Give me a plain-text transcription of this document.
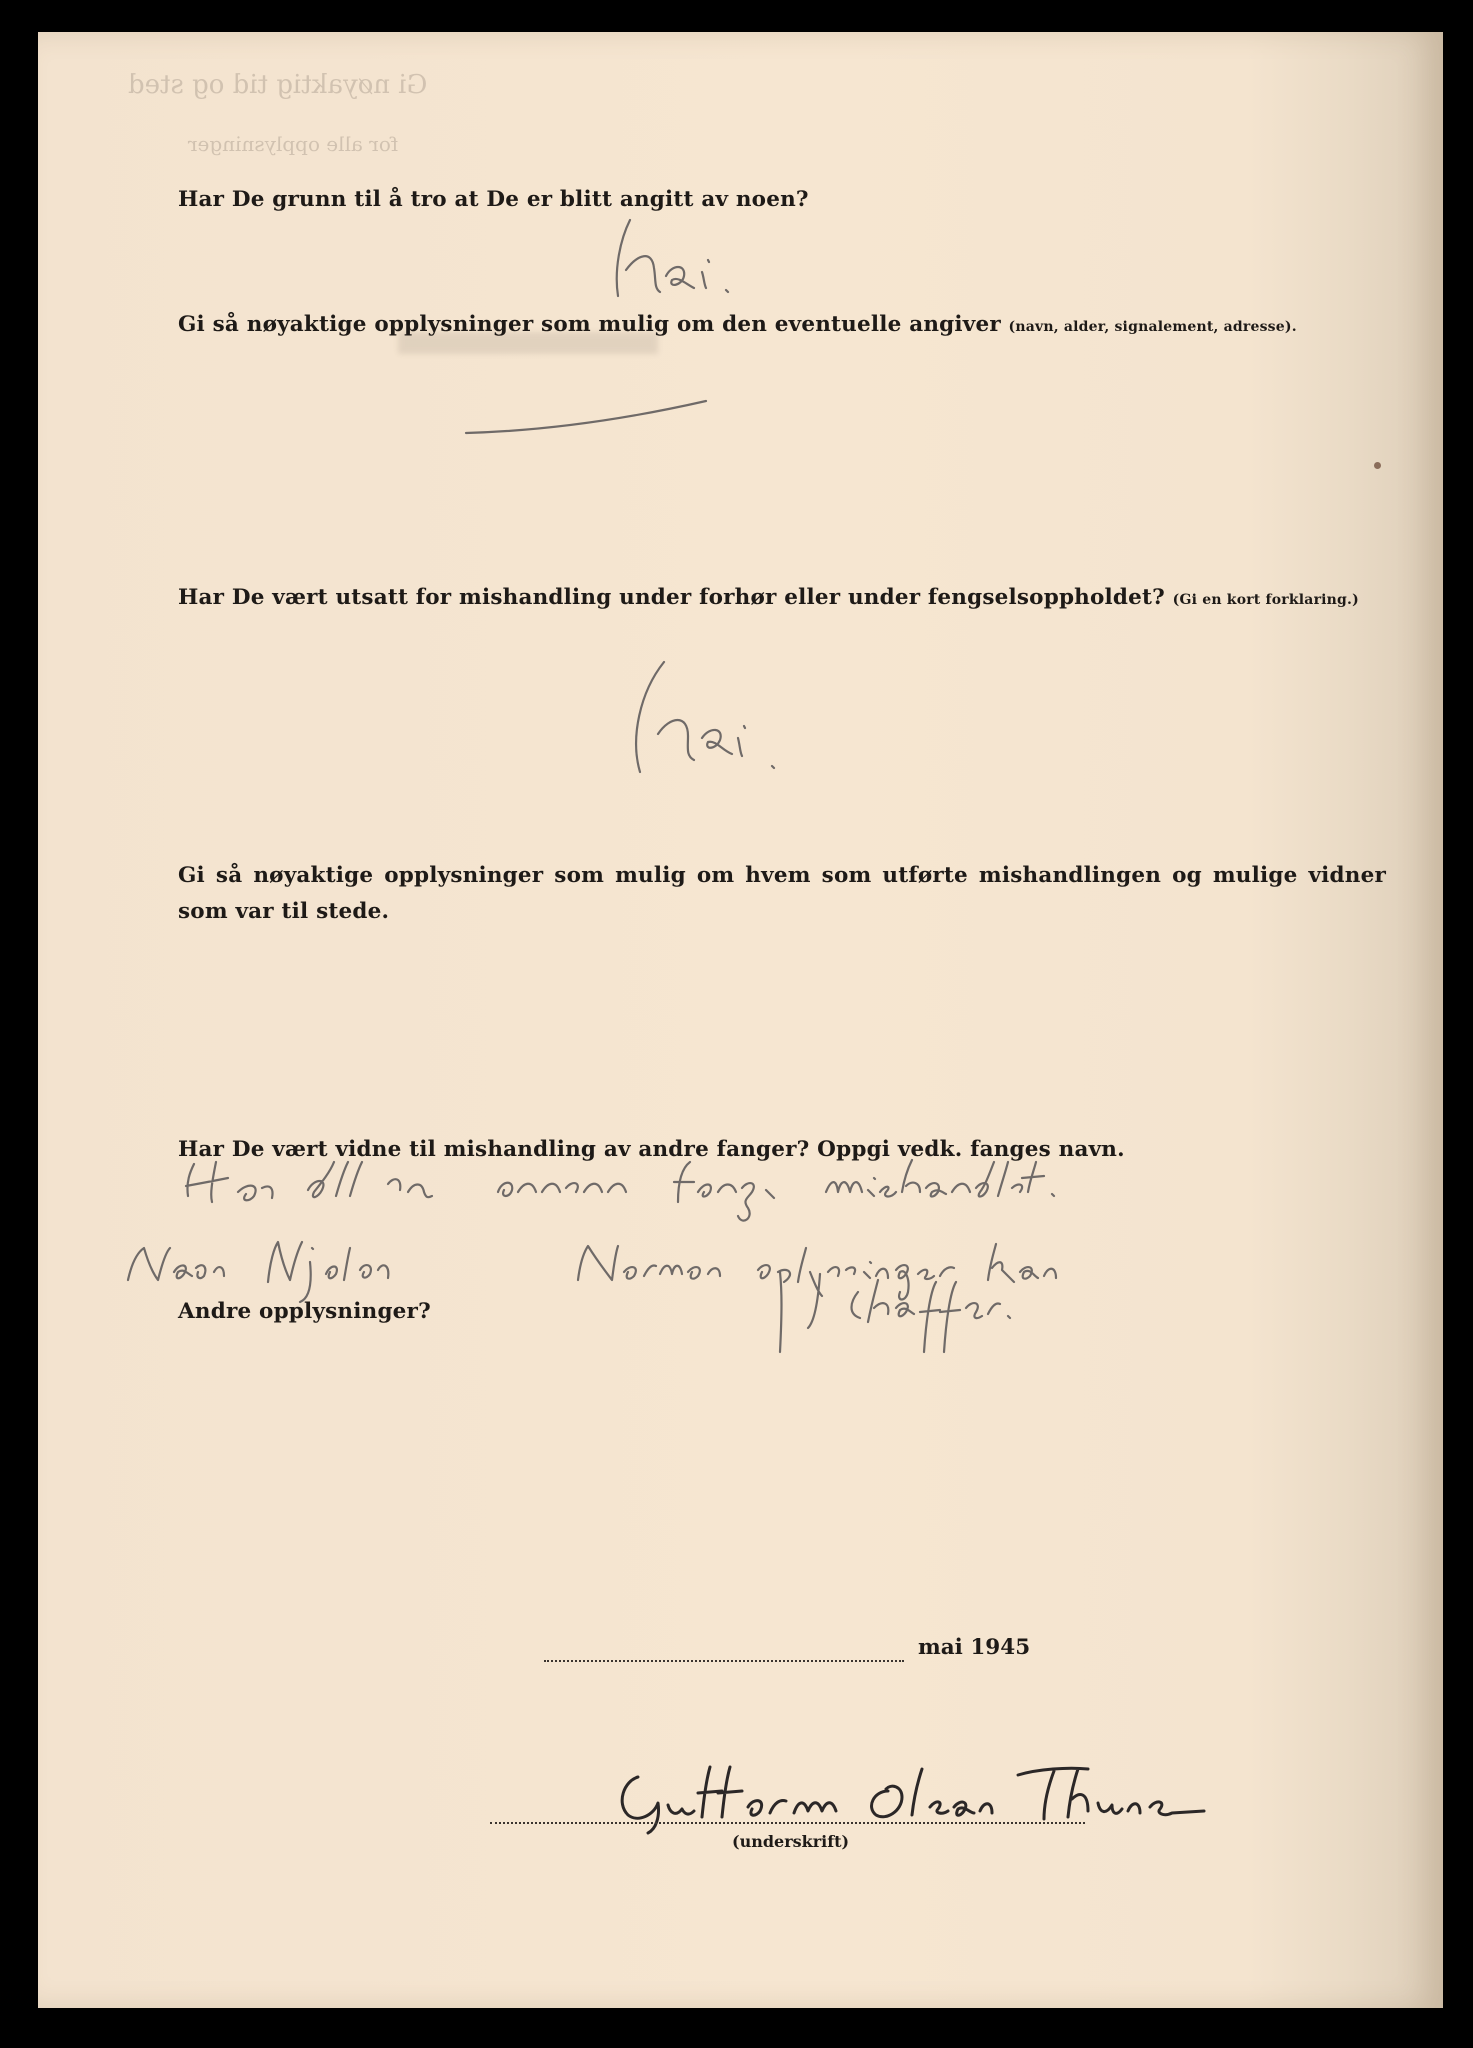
Gi nøyaktig tid og sted
for alle opplysninger

Har De grunn til å tro at De er blitt angitt av noen?

Gi så nøyaktige opplysninger som mulig om den eventuelle angiver (navn, alder, signalement, adresse).

Har De vært utsatt for mishandling under forhør eller under fengselsoppholdet? (Gi en kort forklaring.)

Gi så nøyaktige opplysninger som mulig om hvem som utførte mishandlingen og mulige vidner som var til stede.

Har De vært vidne til mishandling av andre fanger? Oppgi vedk. fanges navn.

Andre opplysninger?

mai 1945
(underskrift)
